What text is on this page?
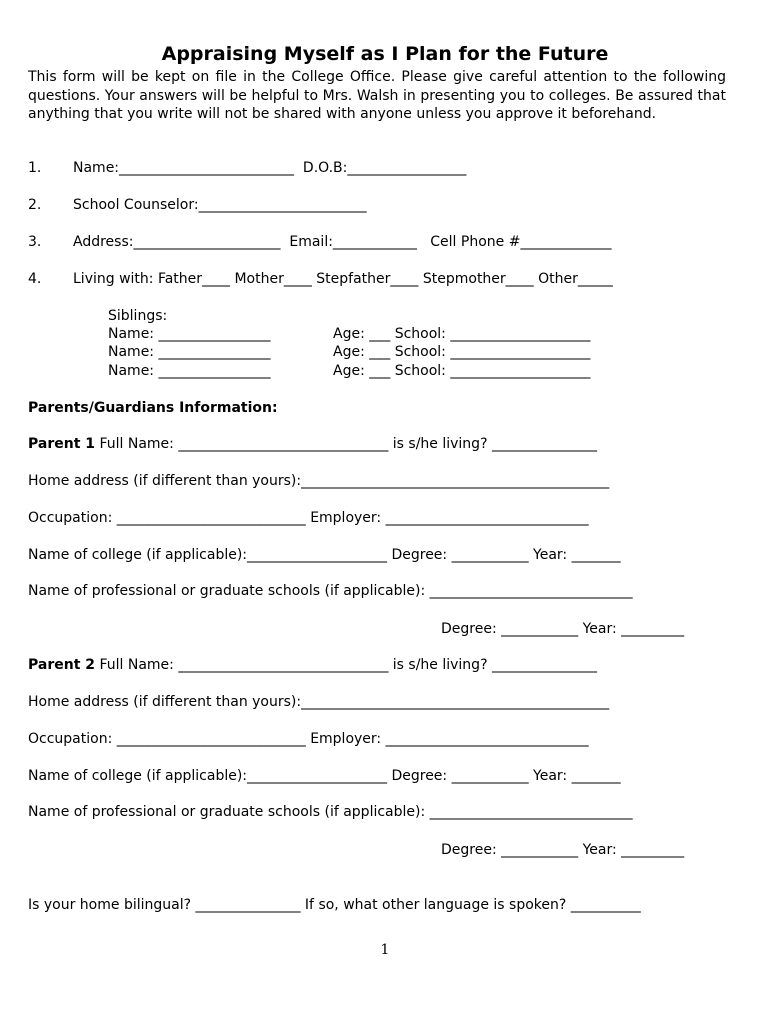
Appraising Myself as I Plan for the Future
This form will be kept on file in the College Office. Please give careful attention to the following questions. Your answers will be helpful to Mrs. Walsh in presenting you to colleges. Be assured that anything that you write will not be shared with anyone unless you approve it beforehand.
1. Name:_________________________  D.O.B:_________________
2. School Counselor:________________________
3. Address:_____________________  Email:____________   Cell Phone #_____________
4. Living with: Father____ Mother____ Stepfather____ Stepmother____ Other_____
Siblings:
Name: ________________	Age: ___ School: ____________________
Name: ________________	Age: ___ School: ____________________
Name: ________________	Age: ___ School: ____________________
Parents/Guardians Information:
Parent 1 Full Name: ______________________________ is s/he living? _______________
Home address (if different than yours):____________________________________________
Occupation: ___________________________ Employer: _____________________________
Name of college (if applicable):____________________ Degree: ___________ Year: _______
Name of professional or graduate schools (if applicable): _____________________________
Degree: ___________ Year: _________
Parent 2 Full Name: ______________________________ is s/he living? _______________
Home address (if different than yours):____________________________________________
Occupation: ___________________________ Employer: _____________________________
Name of college (if applicable):____________________ Degree: ___________ Year: _______
Name of professional or graduate schools (if applicable): _____________________________
Degree: ___________ Year: _________
Is your home bilingual? _______________ If so, what other language is spoken? __________
1
